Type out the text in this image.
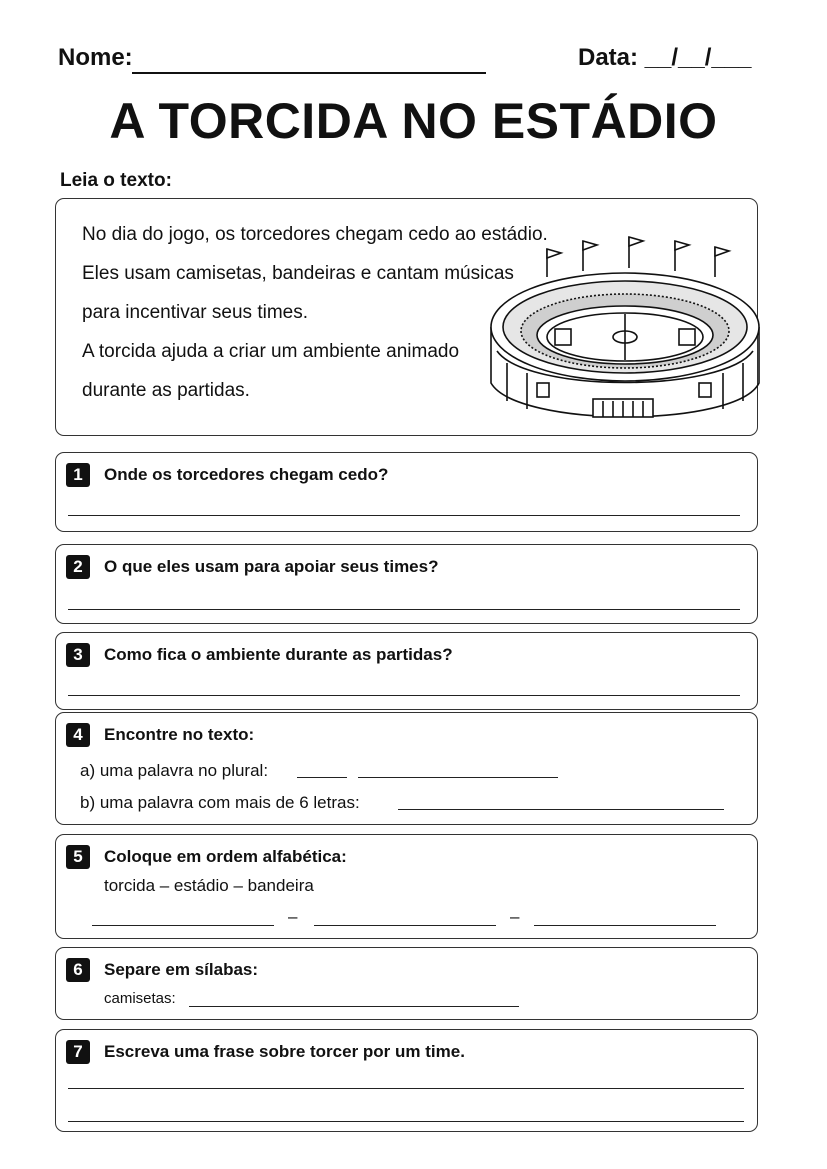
Nome:	Data: __/__/___
A TORCIDA NO ESTÁDIO
Leia o texto:

No dia do jogo, os torcedores chegam cedo ao estádio.

Eles usam camisetas, bandeiras e cantam músicas

para incentivar seus times.

A torcida ajuda a criar um ambiente animado

durante as partidas.

1	Onde os torcedores chegam cedo?
2	O que eles usam para apoiar seus times?
3	Como fica o ambiente durante as partidas?
4	Encontre no texto:
a) uma palavra no plural:
b) uma palavra com mais de 6 letras:
5	Coloque em ordem alfabética:
torcida – estádio – bandeira
–	–
6	Separe em sílabas:
camisetas:
7	Escreva uma frase sobre torcer por um time.
